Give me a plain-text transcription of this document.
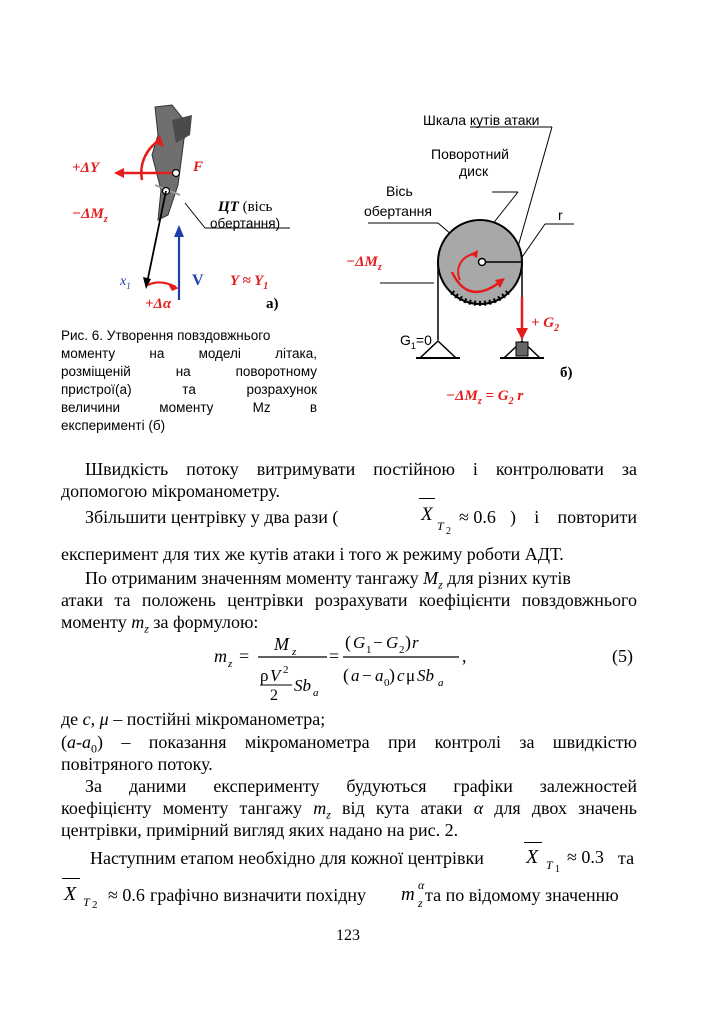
+ΔY	F
$-\Delta M_z$
ЦТ (вісь
обертання)
$x_1$	V $Y \approx Y_1$
+Δα	а)
Рис. 6. Утворення повздовжнього
моменту на моделі літака,
розміщеній на поворотному
пристрої(а) та розрахунок
величини моменту Mz в
експерименті (б)
Шкала кутів атаки
Поворотний
диск
Вісь
обертання	r
$-\Delta M_z$
+ $G_2$
$G_1=0$
б)
$-\Delta M_z = G_2$ r
Швидкість потоку витримувати постійною і контролювати за
допомогою мікроманометру.
Збільшити центрівку у два рази (	X
T 2
≈ 0.6 ) і повторити
експеримент для тих же кутів атаки і того ж режиму роботи АДТ.
По отриманим значенням моменту тангажу $M_z$ для різних кутів
атаки та положень центрівки розрахувати коефіцієнти повздовжнього
моменту $m_z$ за формулою:
m z =
M z
ρ V 2
2
Sb a
=
( G 1 − G 2 ) r
( a − a 0 ) c μ Sb a
,	(5)
де c, μ – постійні мікроманометра;
$(a-a_0)$ – показання мікроманометра при контролі за швидкістю
повітряного потоку.
За даними експерименту будуються графіки залежностей
коефіцієнту моменту тангажу $m_z$ від кута атаки α для двох значень
центрівки, примірний вигляд яких надано на рис. 2.
Наступним етапом необхідно для кожної центрівки X T 1
≈ 0.3 та
X T 2 ≈ 0.6 графічно визначити похідну m z
α та по відомому значенню
123
